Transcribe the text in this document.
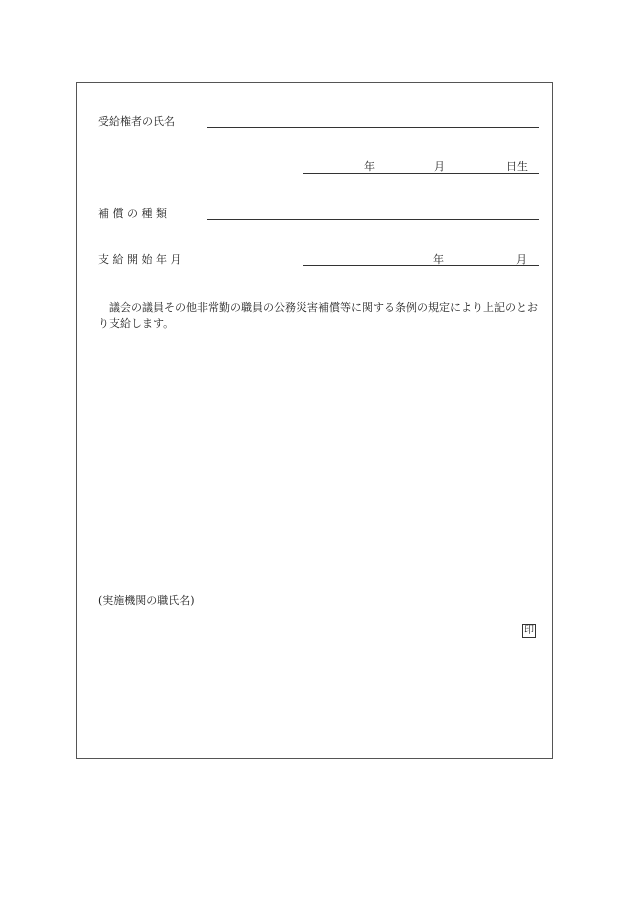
受給権者の氏名
年	月	日生
補 償 の 種 類
支 給 開 始 年 月	年	月
議会の議員その他非常勤の職員の公務災害補償等に関する条例の規定により上記のとおり支給します。
(実施機関の職氏名)
印
